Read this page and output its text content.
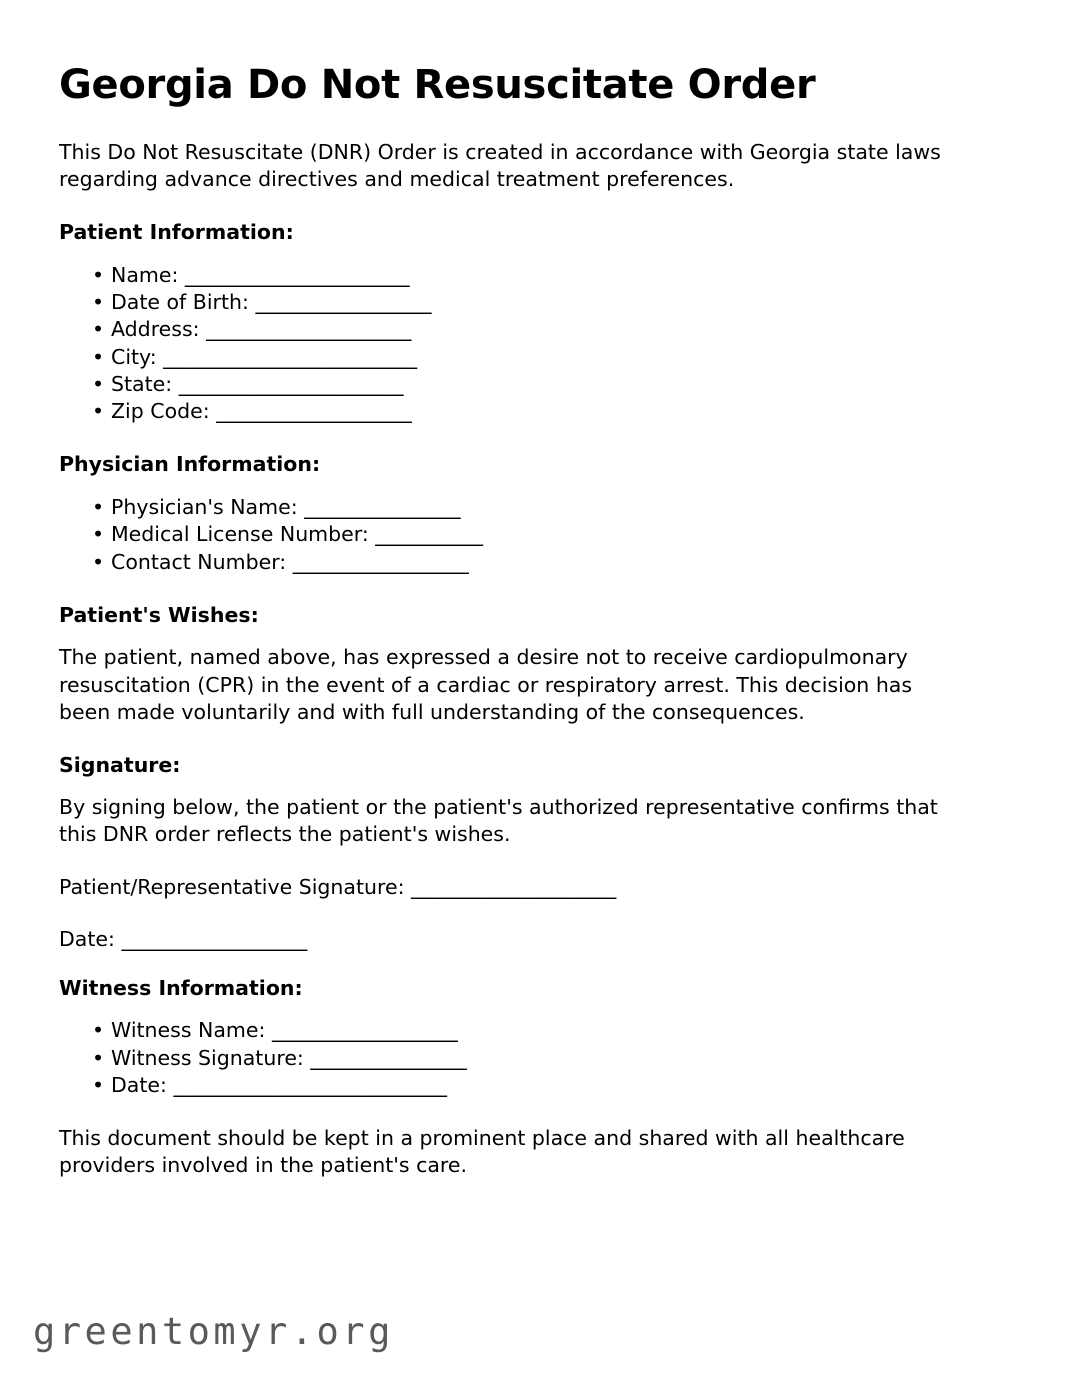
Georgia Do Not Resuscitate Order

This Do Not Resuscitate (DNR) Order is created in accordance with Georgia state laws regarding advance directives and medical treatment preferences.

Patient Information:
• Name: _______________________
• Date of Birth: __________________
• Address: _____________________
• City: __________________________
• State: _______________________
• Zip Code: ____________________
Physician Information:
• Physician's Name: ________________
• Medical License Number: ___________
• Contact Number: __________________
Patient's Wishes:

The patient, named above, has expressed a desire not to receive cardiopulmonary resuscitation (CPR) in the event of a cardiac or respiratory arrest. This decision has been made voluntarily and with full understanding of the consequences.

Signature:

By signing below, the patient or the patient's authorized representative confirms that this DNR order reflects the patient's wishes.

Patient/Representative Signature: _____________________

Date: ___________________

Witness Information:
• Witness Name: ___________________
• Witness Signature: ________________
• Date: ____________________________

This document should be kept in a prominent place and shared with all healthcare providers involved in the patient's care.

greentomyr.org
